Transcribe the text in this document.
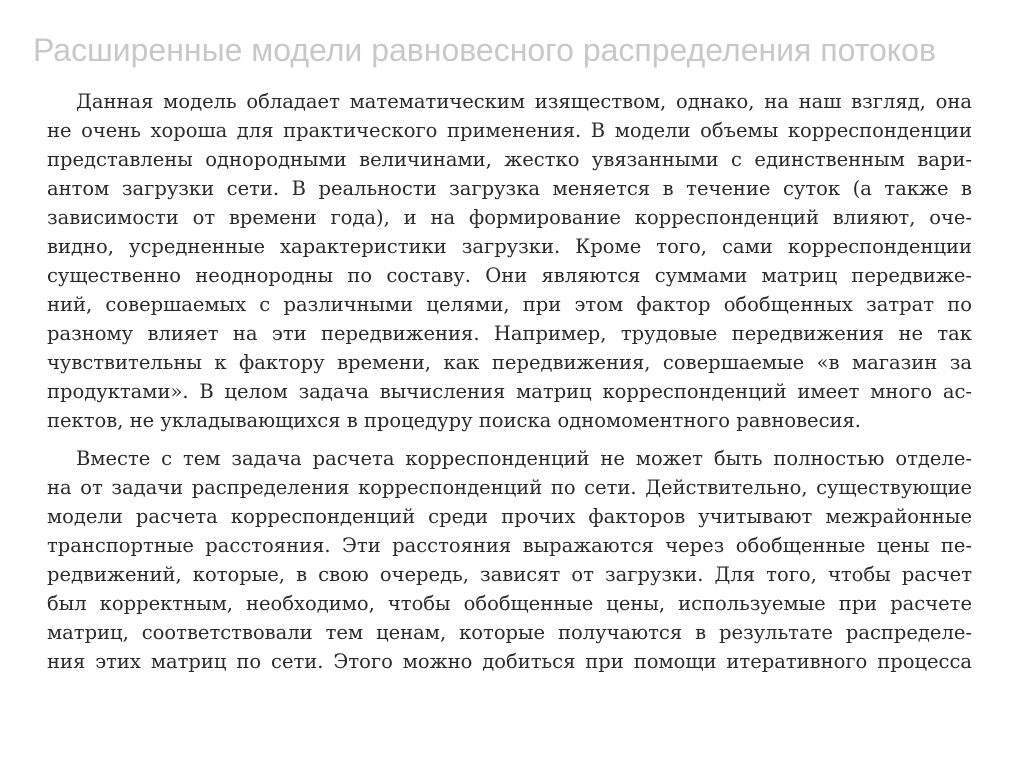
Расширенные модели равновесного распределения потоков

Данная модель обладает математическим изяществом, однако, на наш взгляд, она
не очень хороша для практического применения. В модели объемы корреспонденции
представлены однородными величинами, жестко увязанными с единственным вари-
антом загрузки сети. В реальности загрузка меняется в течение суток (а также в
зависимости от времени года), и на формирование корреспонденций влияют, оче-
видно, усредненные характеристики загрузки. Кроме того, сами корреспонденции
существенно неоднородны по составу. Они являются суммами матриц передвиже-
ний, совершаемых с различными целями, при этом фактор обобщенных затрат по
разному влияет на эти передвижения. Например, трудовые передвижения не так
чувствительны к фактору времени, как передвижения, совершаемые «в магазин за
продуктами». В целом задача вычисления матриц корреспонденций имеет много ас-
пектов, не укладывающихся в процедуру поиска одномоментного равновесия.

Вместе с тем задача расчета корреспонденций не может быть полностью отделе-
на от задачи распределения корреспонденций по сети. Действительно, существующие
модели расчета корреспонденций среди прочих факторов учитывают межрайонные
транспортные расстояния. Эти расстояния выражаются через обобщенные цены пе-
редвижений, которые, в свою очередь, зависят от загрузки. Для того, чтобы расчет
был корректным, необходимо, чтобы обобщенные цены, используемые при расчете
матриц, соответствовали тем ценам, которые получаются в результате распределе-
ния этих матриц по сети. Этого можно добиться при помощи итеративного процесса
